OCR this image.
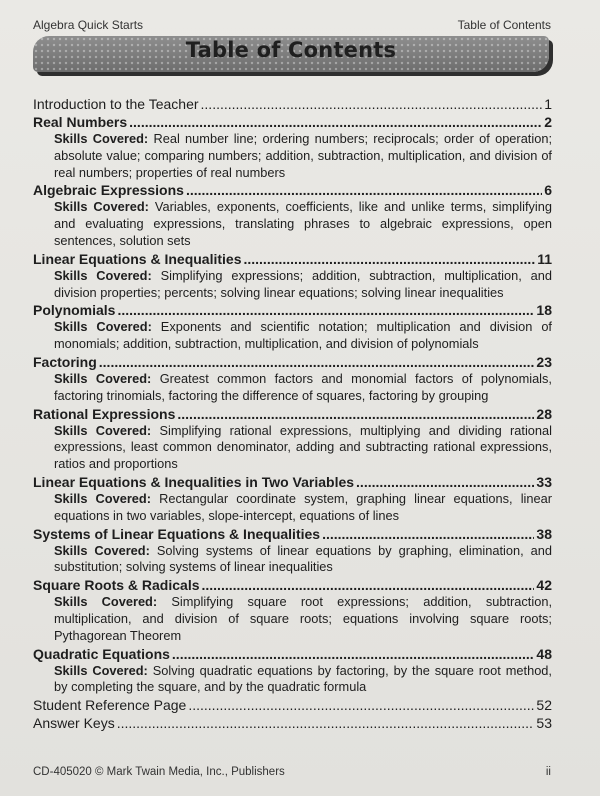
Algebra Quick Starts	Table of Contents
Table of Contents
Introduction to the Teacher .....	1
Real Numbers .....	2
Skills Covered: Real number line; ordering numbers; reciprocals; order of operation; absolute value; comparing numbers; addition, subtraction, multiplication, and division of real numbers; properties of real numbers
Algebraic Expressions .....	6
Skills Covered: Variables, exponents, coefficients, like and unlike terms, simplifying and evaluating expressions, translating phrases to algebraic expressions, open sentences, solution sets
Linear Equations & Inequalities .....	11
Skills Covered: Simplifying expressions; addition, subtraction, multiplication, and division properties; percents; solving linear equations; solving linear inequalities
Polynomials .....	18
Skills Covered: Exponents and scientific notation; multiplication and division of monomials; addition, subtraction, multiplication, and division of polynomials
Factoring .....	23
Skills Covered: Greatest common factors and monomial factors of polynomials, factoring trinomials, factoring the difference of squares, factoring by grouping
Rational Expressions .....	28
Skills Covered: Simplifying rational expressions, multiplying and dividing rational expressions, least common denominator, adding and subtracting rational expressions, ratios and proportions
Linear Equations & Inequalities in Two Variables .....	33
Skills Covered: Rectangular coordinate system, graphing linear equations, linear equations in two variables, slope-intercept, equations of lines
Systems of Linear Equations & Inequalities .....	38
Skills Covered: Solving systems of linear equations by graphing, elimination, and substitution; solving systems of linear inequalities
Square Roots & Radicals .....	42
Skills Covered: Simplifying square root expressions; addition, subtraction, multiplication, and division of square roots; equations involving square roots; Pythagorean Theorem
Quadratic Equations .....	48
Skills Covered: Solving quadratic equations by factoring, by the square root method, by completing the square, and by the quadratic formula
Student Reference Page .....	52
Answer Keys .....	53
CD-405020 © Mark Twain Media, Inc., Publishers	ii
